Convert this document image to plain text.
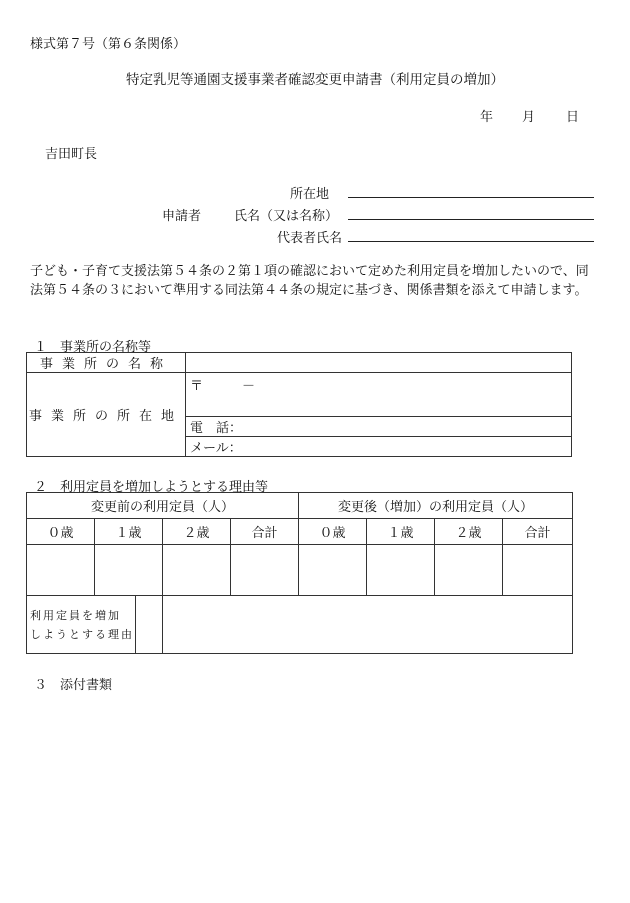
様式第７号（第６条関係）
特定乳児等通園支援事業者確認変更申請書（利用定員の増加）
年 月 日
吉田町長
所在地
申請者	氏名（又は名称）
代表者氏名
子ども・子育て支援法第５４条の２第１項の確認において定めた利用定員を増加したいので、同法第５４条の３において準用する同法第４４条の規定に基づき、関係書類を添えて申請します。
１　事業所の名称等
事業所の名称	
事業所の所在地	〒　　　－
	電　話：
	メール：
２　利用定員を増加しようとする理由等
変更前の利用定員（人）				変更後（増加）の利用定員（人）			
０歳	１歳	２歳	合計	０歳	１歳	２歳	合計

利用定員を増加
しようとする理由							

３　添付書類
